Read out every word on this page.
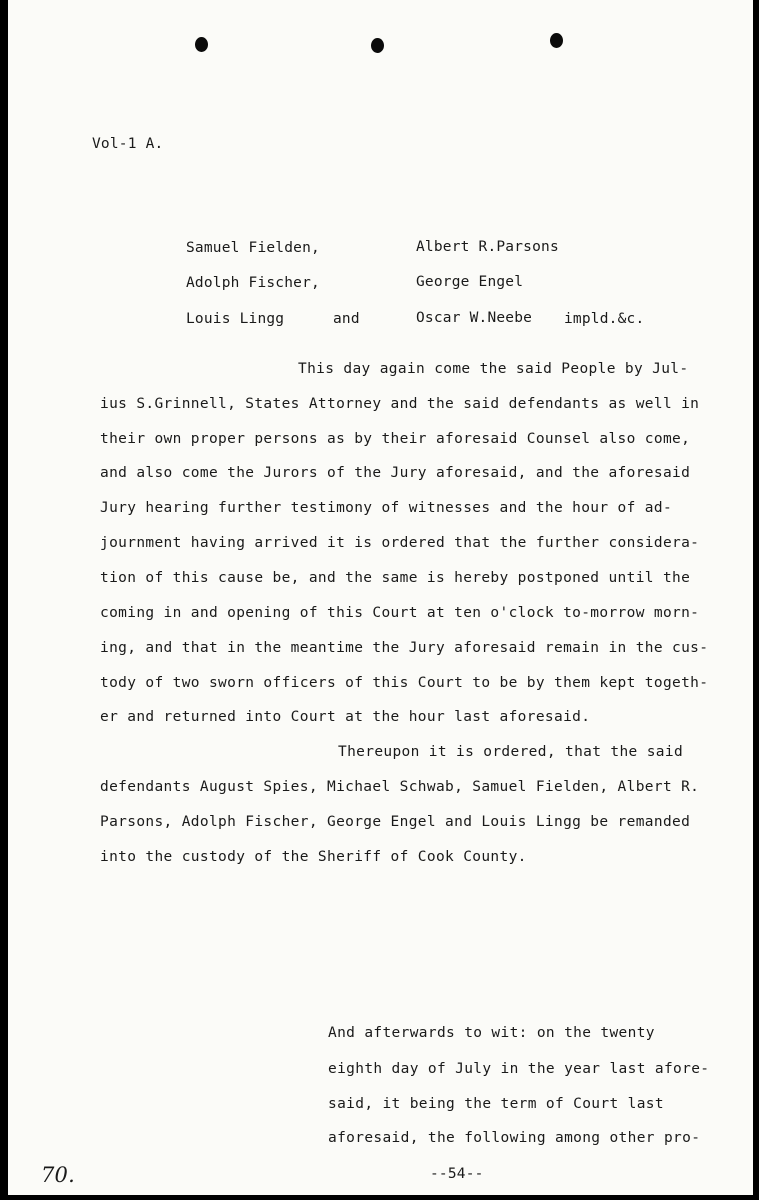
Vol-1 A.
Samuel Fielden,
Adolph Fischer,
Louis Lingg	and
Albert R.Parsons
George Engel
Oscar W.Neebe impld.&c.
This day again come the said People by Jul-
ius S.Grinnell, States Attorney and the said defendants as well in
their own proper persons as by their aforesaid Counsel also come,
and also come the Jurors of the Jury aforesaid, and the aforesaid
Jury hearing further testimony of witnesses and the hour of ad-
journment having arrived it is ordered that the further considera-
tion of this cause be, and the same is hereby postponed until the
coming in and opening of this Court at ten o'clock to-morrow morn-
ing, and that in the meantime the Jury aforesaid remain in the cus-
tody of two sworn officers of this Court to be by them kept togeth-
er and returned into Court at the hour last aforesaid.
Thereupon it is ordered, that the said
defendants August Spies, Michael Schwab, Samuel Fielden, Albert R.
Parsons, Adolph Fischer, George Engel and Louis Lingg be remanded
into the custody of the Sheriff of Cook County.
And afterwards to wit: on the twenty
eighth day of July in the year last afore-
said, it being the term of Court last
aforesaid, the following among other pro-
70.	--54--
